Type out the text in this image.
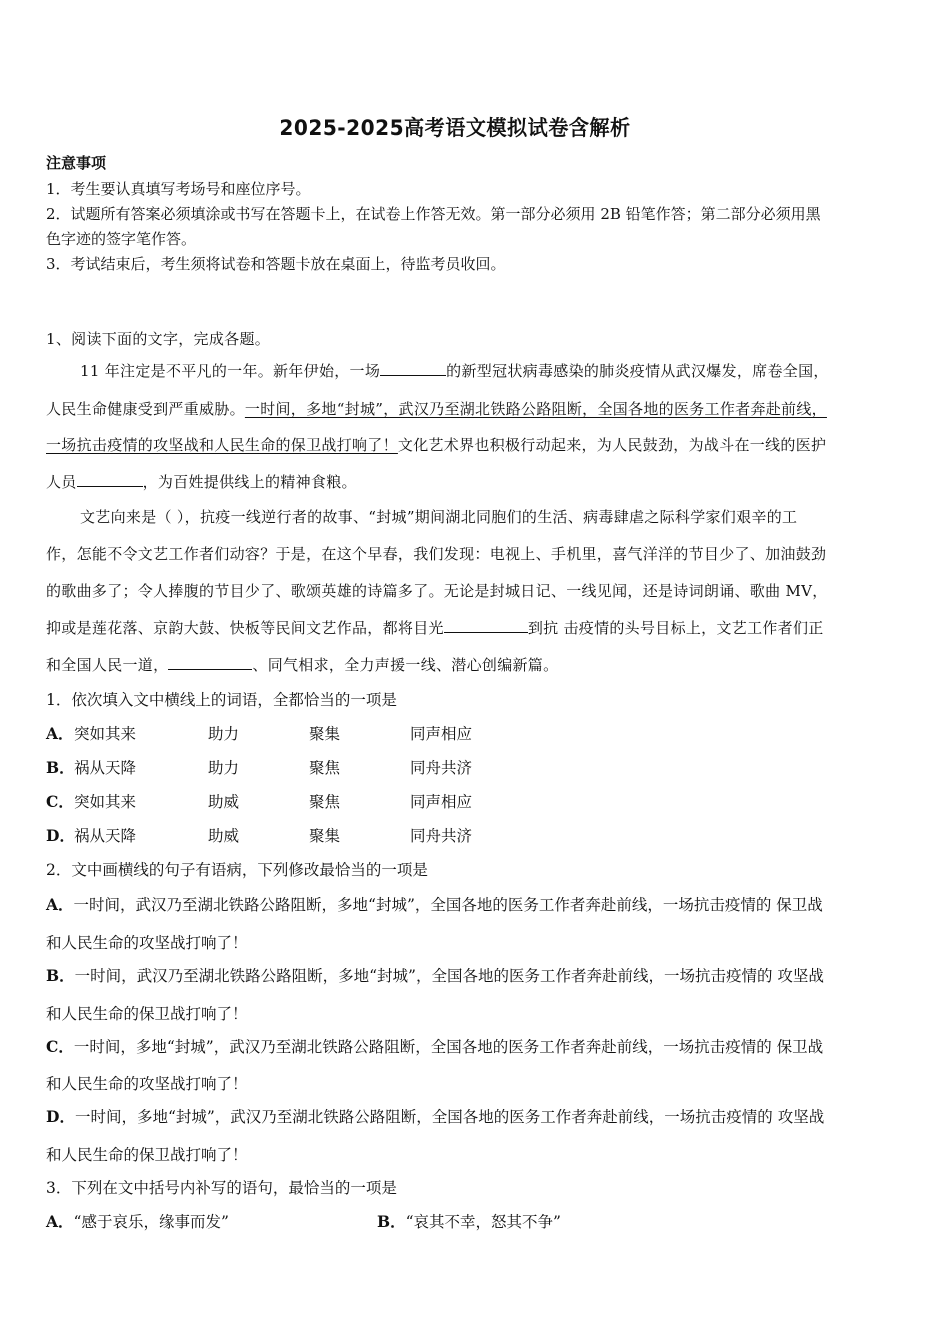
2025-2025高考语文模拟试卷含解析
注意事项
1．考生要认真填写考场号和座位序号。
2．试题所有答案必须填涂或书写在答题卡上，在试卷上作答无效。第一部分必须用 2B 铅笔作答；第二部分必须用黑
色字迹的签字笔作答。
3．考试结束后，考生须将试卷和答题卡放在桌面上，待监考员收回。
1、阅读下面的文字，完成各题。
11 年注定是不平凡的一年。新年伊始，一场	的新型冠状病毒感染的肺炎疫情从武汉爆发，席卷全国，
人民生命健康受到严重威胁。一时间，多地“封城”，武汉乃至湖北铁路公路阻断，全国各地的医务工作者奔赴前线，
一场抗击疫情的攻坚战和人民生命的保卫战打响了！文化艺术界也积极行动起来，为人民鼓劲，为战斗在一线的医护
人员	，为百姓提供线上的精神食粮。
文艺向来是（ ），抗疫一线逆行者的故事、“封城”期间湖北同胞们的生活、病毒肆虐之际科学家们艰辛的工
作，怎能不令文艺工作者们动容？于是，在这个早春，我们发现：电视上、手机里，喜气洋洋的节目少了、加油鼓劲
的歌曲多了；令人捧腹的节目少了、歌颂英雄的诗篇多了。无论是封城日记、一线见闻，还是诗词朗诵、歌曲 MV，
抑或是莲花落、京韵大鼓、快板等民间文艺作品，都将目光	到抗 击疫情的头号目标上，文艺工作者们正
和全国人民一道，	、同气相求，全力声援一线、潜心创编新篇。
1．依次填入文中横线上的词语，全都恰当的一项是
A． 突如其来	助力	聚集	同声相应
B． 祸从天降	助力	聚焦	同舟共济
C． 突如其来	助威	聚焦	同声相应
D． 祸从天降	助威	聚集	同舟共济
2．文中画横线的句子有语病，下列修改最恰当的一项是
A．一时间，武汉乃至湖北铁路公路阻断，多地“封城”，全国各地的医务工作者奔赴前线，一场抗击疫情的 保卫战
和人民生命的攻坚战打响了！
B．一时间，武汉乃至湖北铁路公路阻断，多地“封城”，全国各地的医务工作者奔赴前线，一场抗击疫情的 攻坚战
和人民生命的保卫战打响了！
C．一时间，多地“封城”，武汉乃至湖北铁路公路阻断，全国各地的医务工作者奔赴前线，一场抗击疫情的 保卫战
和人民生命的攻坚战打响了！
D．一时间，多地“封城”，武汉乃至湖北铁路公路阻断，全国各地的医务工作者奔赴前线，一场抗击疫情的 攻坚战
和人民生命的保卫战打响了！
3．下列在文中括号内补写的语句，最恰当的一项是
A．“感于哀乐，缘事而发”	B．“哀其不幸，怒其不争”
